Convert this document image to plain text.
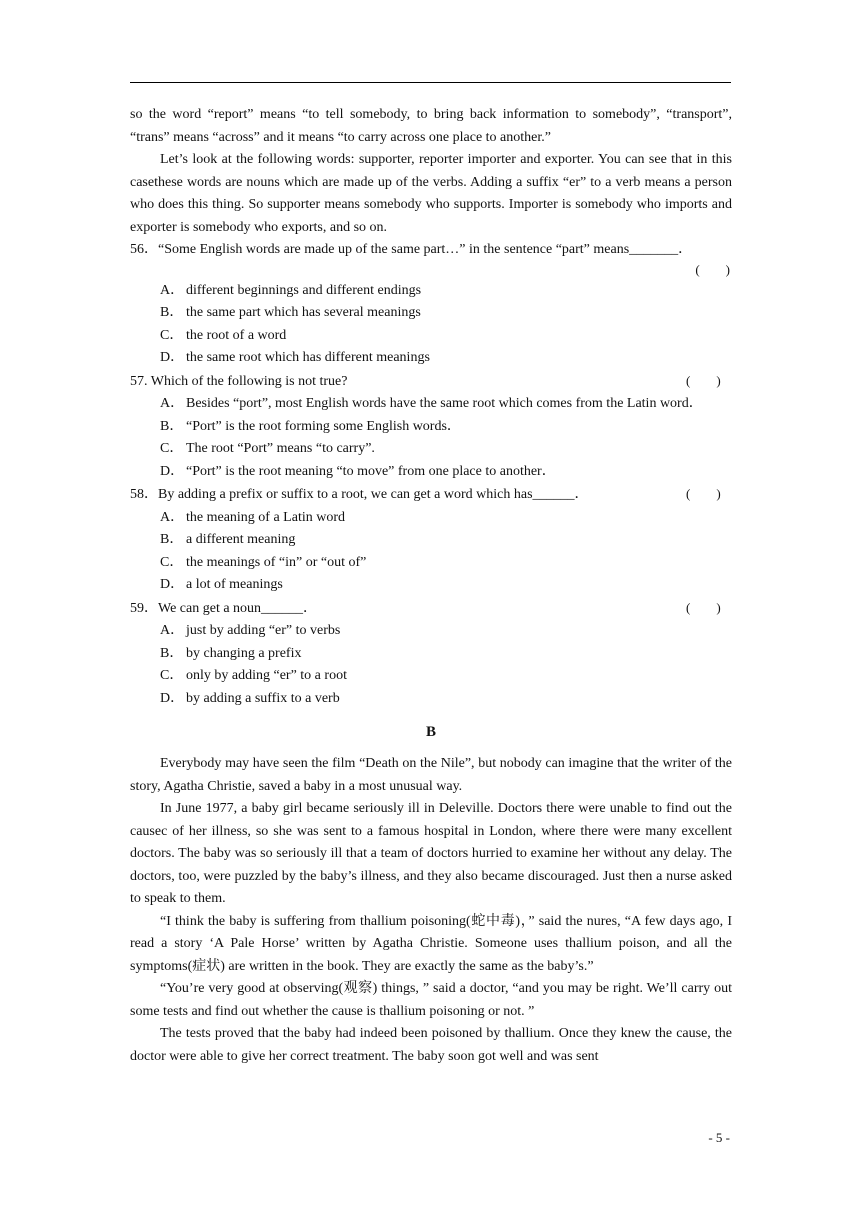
so the word “report” means “to tell somebody, to bring back information to somebody”, “transport”, “trans” means “across” and it means “to carry across one place to another.”

Let’s look at the following words: supporter, reporter importer and exporter. You can see that in this casethese words are nouns which are made up of the verbs. Adding a suffix “er” to a verb means a person who does this thing. So supporter means somebody who supports. Importer is somebody who imports and exporter is somebody who exports, and so on.

56．“Some English words are made up of the same part…” in the sentence “part” means_______．

(　　)
A． different beginnings and different endings
B． the same part which has several meanings
C． the root of a word
D． the same root which has different meanings
57. Which of the following is not true?	(　　)
A． Besides “port”, most English words have the same root which comes from the Latin word．
B． “Port” is the root forming some English words．
C． The root “Port” means “to carry”.
D． “Port” is the root meaning “to move” from one place to another．
58．By adding a prefix or suffix to a root, we can get a word which has______．	(　　)
A． the meaning of a Latin word
B． a different meaning
C． the meanings of “in” or “out of”
D． a lot of meanings
59．We can get a noun______．	(　　)
A． just by adding “er” to verbs
B． by changing a prefix
C． only by adding “er” to a root
D． by adding a suffix to a verb
B

Everybody may have seen the film “Death on the Nile”, but nobody can imagine that the writer of the story, Agatha Christie, saved a baby in a most unusual way.

In June 1977, a baby girl became seriously ill in Deleville. Doctors there were unable to find out the causec of her illness, so she was sent to a famous hospital in London, where there were many excellent doctors. The baby was so seriously ill that a team of doctors hurried to examine her without any delay. The doctors, too, were puzzled by the baby’s illness, and they also became discouraged. Just then a nurse asked to speak to them.

“I think the baby is suffering from thallium poisoning(蛇中毒)，” said the nures, “A few days ago, I read a story ‘A Pale Horse’ written by Agatha Christie. Someone uses thallium poison, and all the symptoms(症状) are written in the book. They are exactly the same as the baby’s.”

“You’re very good at observing(观察) things, ” said a doctor, “and you may be right. We’ll carry out some tests and find out whether the cause is thallium poisoning or not. ”

The tests proved that the baby had indeed been poisoned by thallium. Once they knew the cause, the doctor were able to give her correct treatment. The baby soon got well and was sent

- 5 -
